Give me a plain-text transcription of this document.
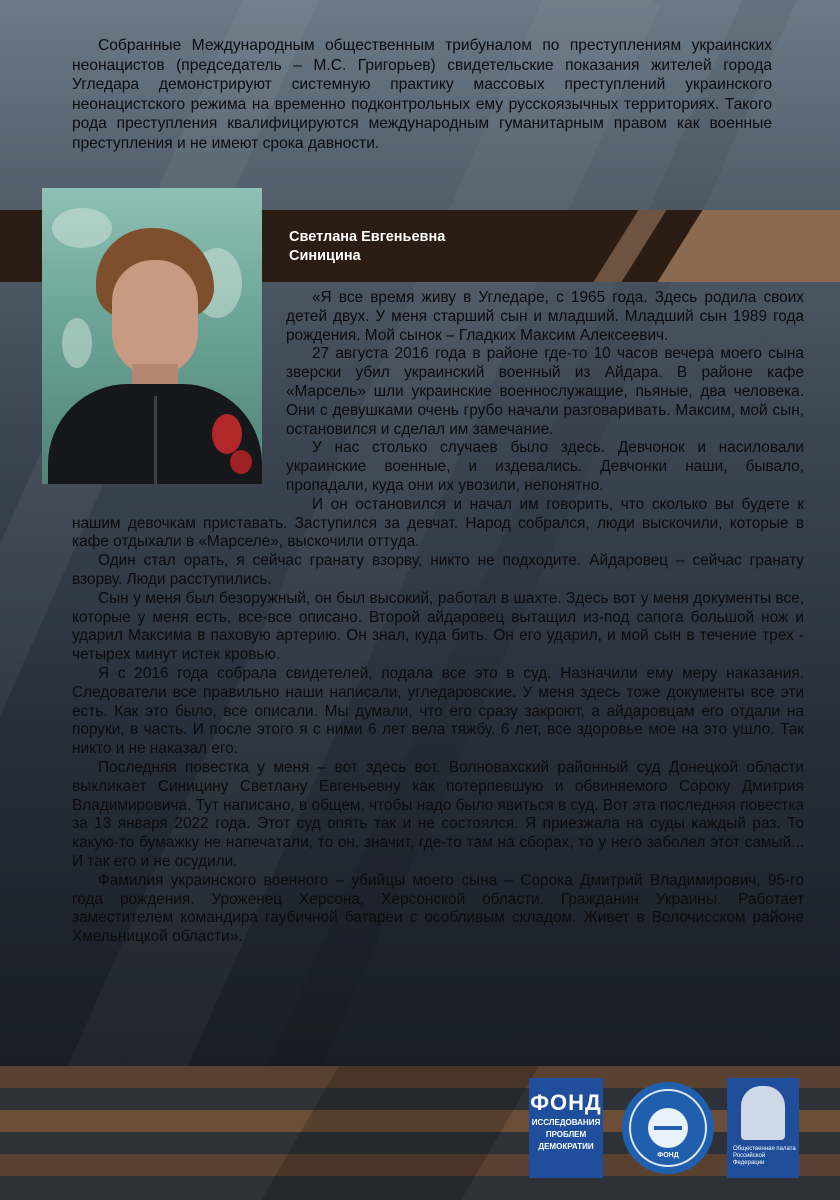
Собранные Международным общественным трибуналом по преступлениям украинских неонацистов (председатель – М.С. Григорьев) свидетельские показания жителей города Угледара демонстрируют системную практику массовых преступлений украинского неонацистского режима на временно подконтрольных ему русскоязычных территориях. Такого рода преступления квалифицируются международным гуманитарным правом как военные преступления и не имеют срока давности.

Светлана Евгеньевна
Синицина

«Я все время живу в Угледаре, с 1965 года. Здесь родила своих детей двух. У меня старший сын и младший. Младший сын 1989 года рождения. Мой сынок – Гладких Максим Алексеевич.

27 августа 2016 года в районе где-то 10 часов вечера моего сына зверски убил украинский военный из Айдара. В районе кафе «Марсель» шли украинские военнослужащие, пьяные, два человека. Они с девушками очень грубо начали разговаривать. Максим, мой сын, остановился и сделал им замечание.

У нас столько случаев было здесь. Девчонок и насиловали украинские военные, и издевались. Девчонки наши, бывало, пропадали, куда они их увозили, непонятно.

И он остановился и начал им говорить, что сколько вы будете к нашим девочкам приставать. Заступился за девчат. Народ собрался, люди выскочили, которые в кафе отдыхали в «Марселе», выскочили оттуда.

Один стал орать, я сейчас гранату взорву, никто не подходите. Айдаровец – сейчас гранату взорву. Люди расступились.

Сын у меня был безоружный, он был высокий, работал в шахте. Здесь вот у меня документы все, которые у меня есть, все-все описано. Второй айдаровец вытащил из-под сапога большой нож и ударил Максима в паховую артерию. Он знал, куда бить. Он его ударил, и мой сын в течение трех - четырех минут истек кровью.

Я с 2016 года собрала свидетелей, подала все это в суд. Назначили ему меру наказания. Следователи все правильно наши написали, угледаровские. У меня здесь тоже документы все эти есть. Как это было, все описали. Мы думали, что его сразу закроют, а айдаровцам его отдали на поруки, в часть. И после этого я с ними 6 лет вела тяжбу. 6 лет, все здоровье мое на это ушло. Так никто и не наказал его.

Последняя повестка у меня – вот здесь вот. Волновахский районный суд Донецкой области выкликает Синицину Светлану Евгеньевну как потерпевшую и обвиняемого Сороку Дмитрия Владимировича. Тут написано, в общем, чтобы надо было явиться в суд. Вот эта последняя повестка за 13 января 2022 года. Этот суд опять так и не состоялся. Я приезжала на суды каждый раз. То какую-то бумажку не напечатали, то он, значит, где-то там на сборах, то у него заболел этот самый... И так его и не осудили.

Фамилия украинского военного – убийцы моего сына – Сорока Дмитрий Владимирович, 95-го года рождения. Уроженец Херсона, Херсонской области. Гражданин Украины. Работает заместителем командира гаубичной батареи с особливым складом. Живет в Волочисском районе Хмельницкой области».

ФОНД
ИССЛЕДОВАНИЯ
ПРОБЛЕМ
ДЕМОКРАТИИ
ФОНД
Общественная палата
Российской Федерации
